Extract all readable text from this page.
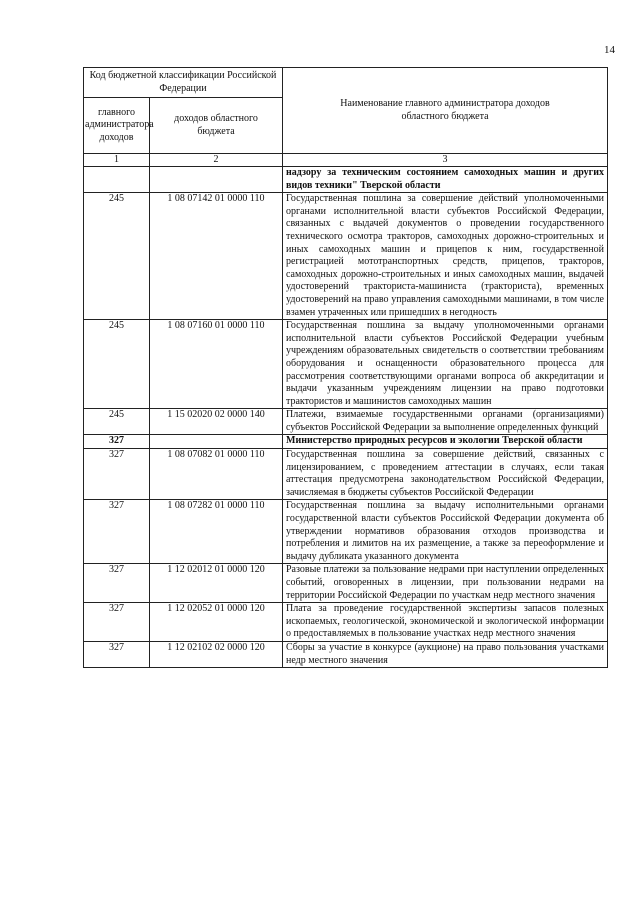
14
Код бюджетной классификации Российской Федерации		Наименование главного администратора доходов областного бюджета
главного администратора доходов	доходов областного бюджета	
1	2	3
		надзору за техническим состоянием самоходных машин и других видов техники" Тверской области
245	1 08 07142 01 0000 110	Государственная пошлина за совершение действий уполномоченными органами исполнительной власти субъектов Российской Федерации, связанных с выдачей документов о проведении государственного технического осмотра тракторов, самоходных дорожно-строительных и иных самоходных машин и прицепов к ним, государственной регистрацией мототранспортных средств, прицепов, тракторов, самоходных дорожно-строительных и иных самоходных машин, выдачей удостоверений тракториста-машиниста (тракториста), временных удостоверений на право управления самоходными машинами, в том числе взамен утраченных или пришедших в негодность
245	1 08 07160 01 0000 110	Государственная пошлина за выдачу уполномоченными органами исполнительной власти субъектов Российской Федерации учебным учреждениям образовательных свидетельств о соответствии требованиям оборудования и оснащенности образовательного процесса для рассмотрения соответствующими органами вопроса об аккредитации и выдачи указанным учреждениям лицензии на право подготовки трактористов и машинистов самоходных машин
245	1 15 02020 02 0000 140	Платежи, взимаемые государственными органами (организациями) субъектов Российской Федерации за выполнение определенных функций
327		Министерство природных ресурсов и экологии Тверской области
327	1 08 07082 01 0000 110	Государственная пошлина за совершение действий, связанных с лицензированием, с проведением аттестации в случаях, если такая аттестация предусмотрена законодательством Российской Федерации, зачисляемая в бюджеты субъектов Российской Федерации
327	1 08 07282 01 0000 110	Государственная пошлина за выдачу исполнительными органами государственной власти субъектов Российской Федерации документа об утверждении нормативов образования отходов производства и потребления и лимитов на их размещение, а также за переоформление и выдачу дубликата указанного документа
327	1 12 02012 01 0000 120	Разовые платежи за пользование недрами при наступлении определенных событий, оговоренных в лицензии, при пользовании недрами на территории Российской Федерации по участкам недр местного значения
327	1 12 02052 01 0000 120	Плата за проведение государственной экспертизы запасов полезных ископаемых, геологической, экономической и экологической информации о предоставляемых в пользование участках недр местного значения
327	1 12 02102 02 0000 120	Сборы за участие в конкурсе (аукционе) на право пользования участками недр местного значения
